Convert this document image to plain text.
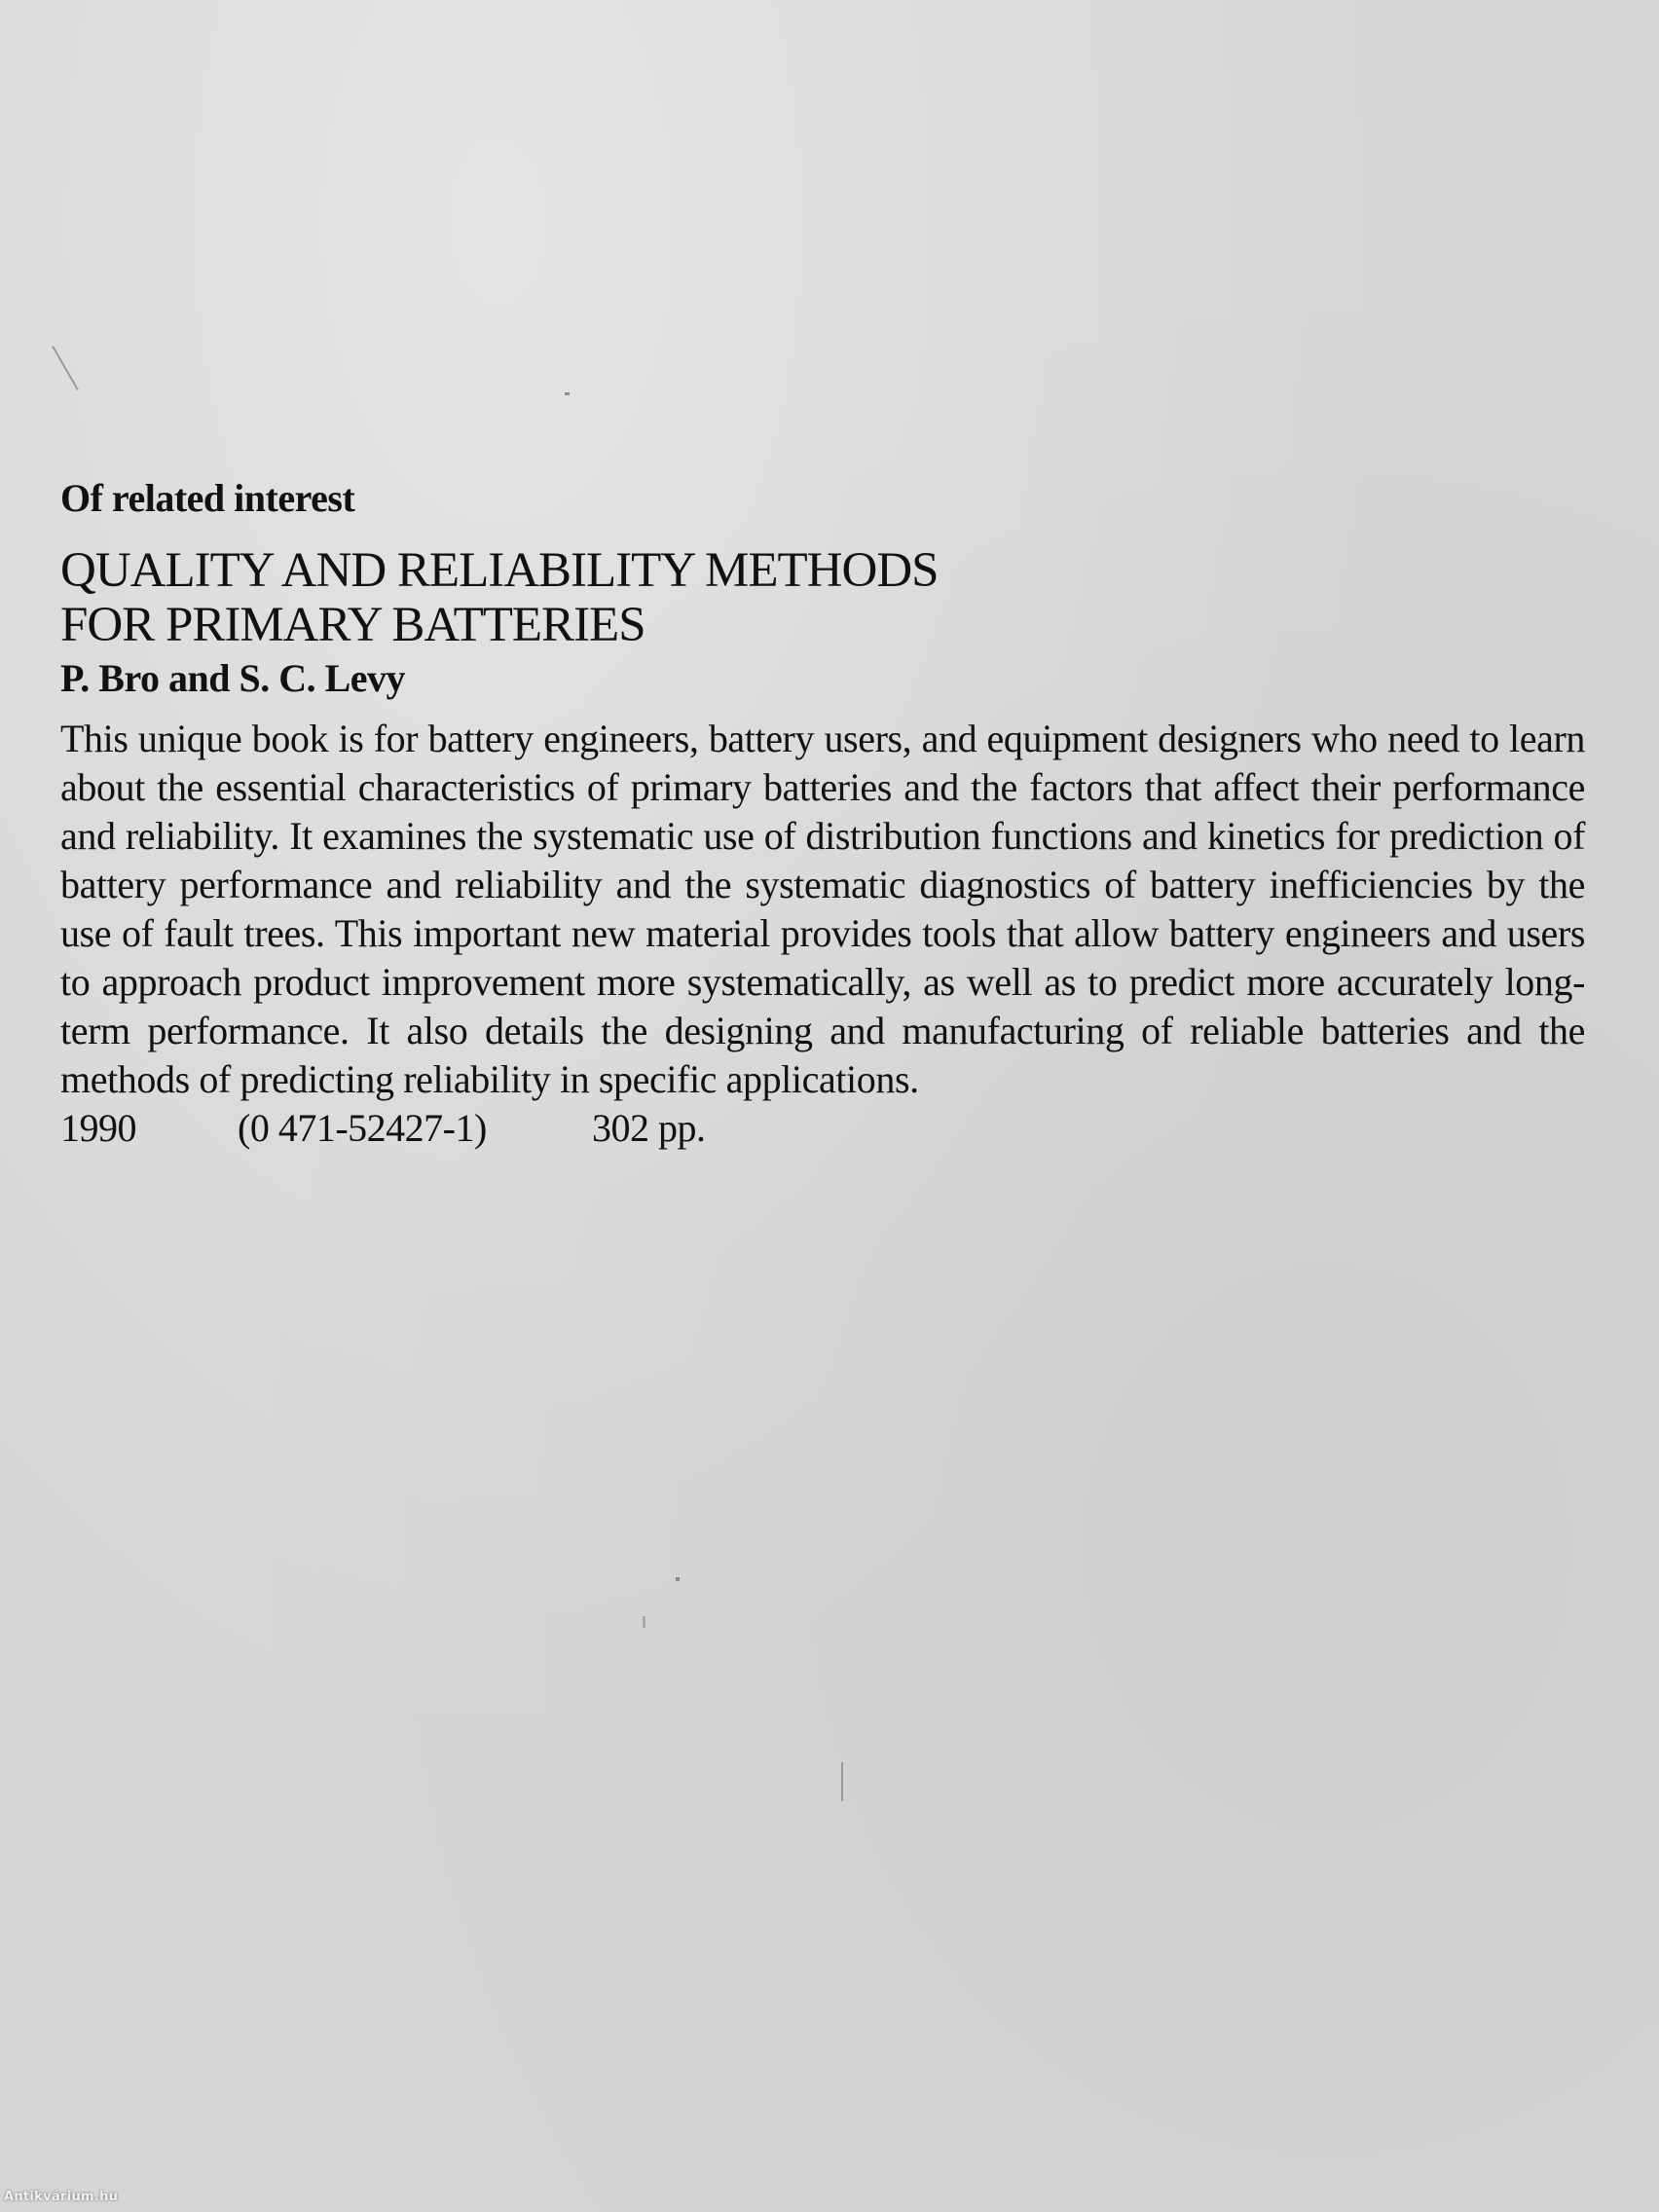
Of related interest
QUALITY AND RELIABILITY METHODS
FOR PRIMARY BATTERIES
P. Bro and S. C. Levy

This unique book is for battery engineers, battery users, and equipment designers who need to learn about the essential characteristics of primary batteries and the factors that affect their performance and reliability. It examines the systematic use of distribution functions and kinetics for prediction of battery performance and reliability and the systematic diagnostics of battery inefficiencies by the use of fault trees. This important new material provides tools that allow battery engineers and users to approach product improvement more systematically, as well as to predict more accurately long-term performance. It also details the designing and manufacturing of reliable batteries and the methods of predicting reliability in specific applications.

1990	(0 471-52427-1)	302 pp.
Antikvárium.hu
